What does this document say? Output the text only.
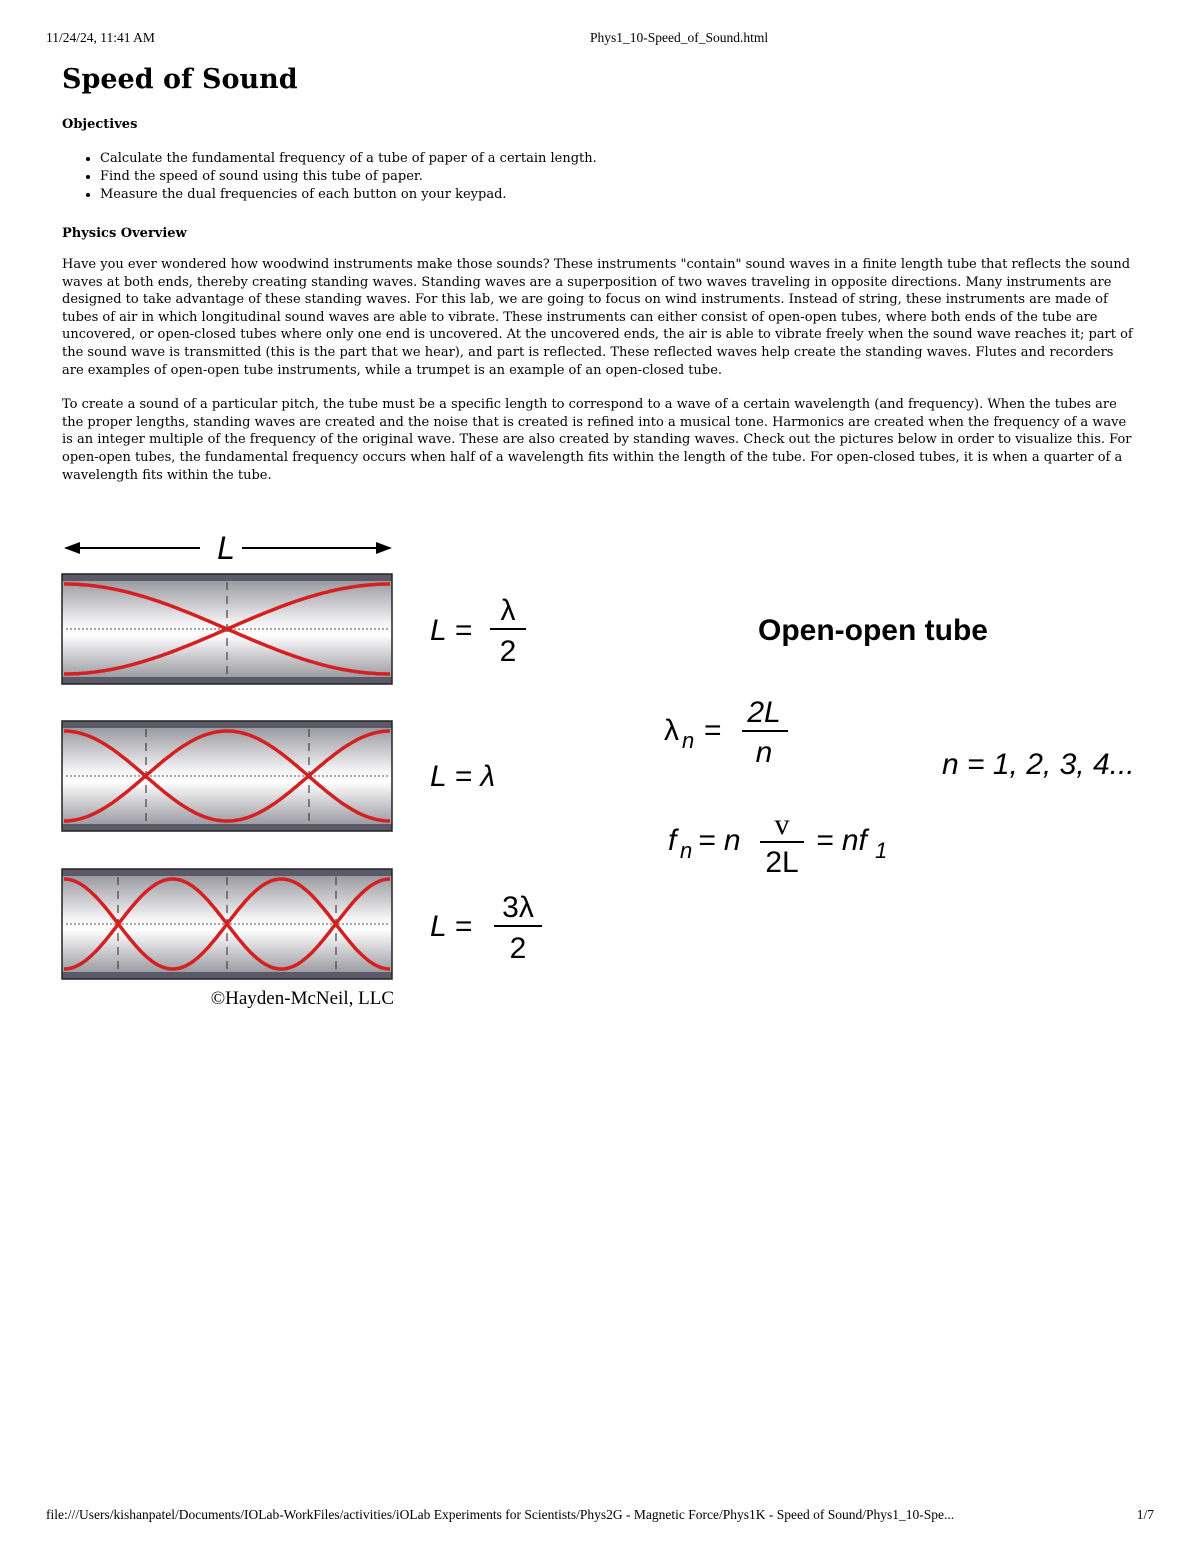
11/24/24, 11:41 AM	Phys1_10-Speed_of_Sound.html
Speed of Sound
Objectives
• Calculate the fundamental frequency of a tube of paper of a certain length.
• Find the speed of sound using this tube of paper.
• Measure the dual frequencies of each button on your keypad.
Physics Overview

Have you ever wondered how woodwind instruments make those sounds? These instruments "contain" sound waves in a finite length tube that reflects the sound waves at both ends, thereby creating standing waves. Standing waves are a superposition of two waves traveling in opposite directions. Many instruments are designed to take advantage of these standing waves. For this lab, we are going to focus on wind instruments. Instead of string, these instruments are made of tubes of air in which longitudinal sound waves are able to vibrate. These instruments can either consist of open-open tubes, where both ends of the tube are uncovered, or open-closed tubes where only one end is uncovered. At the uncovered ends, the air is able to vibrate freely when the sound wave reaches it; part of the sound wave is transmitted (this is the part that we hear), and part is reflected. These reflected waves help create the standing waves. Flutes and recorders are examples of open-open tube instruments, while a trumpet is an example of an open-closed tube.

To create a sound of a particular pitch, the tube must be a specific length to correspond to a wave of a certain wavelength (and frequency). When the tubes are the proper lengths, standing waves are created and the noise that is created is refined into a musical tone. Harmonics are created when the frequency of a wave is an integer multiple of the frequency of the original wave. These are also created by standing waves. Check out the pictures below in order to visualize this. For open-open tubes, the fundamental frequency occurs when half of a wavelength fits within the length of the tube. For open-closed tubes, it is when a quarter of a wavelength fits within the tube.

L
L =
λ
2
L = λ
L =
3λ
2
Open-open tube
λ n =
2L
n	n = 1, 2, 3, 4...
f n = n v
2L
= nf 1
©Hayden-McNeil, LLC
file:///Users/kishanpatel/Documents/IOLab-WorkFiles/activities/iOLab Experiments for Scientists/Phys2G - Magnetic Force/Phys1K - Speed of Sound/Phys1_10-Spe...	1/7
